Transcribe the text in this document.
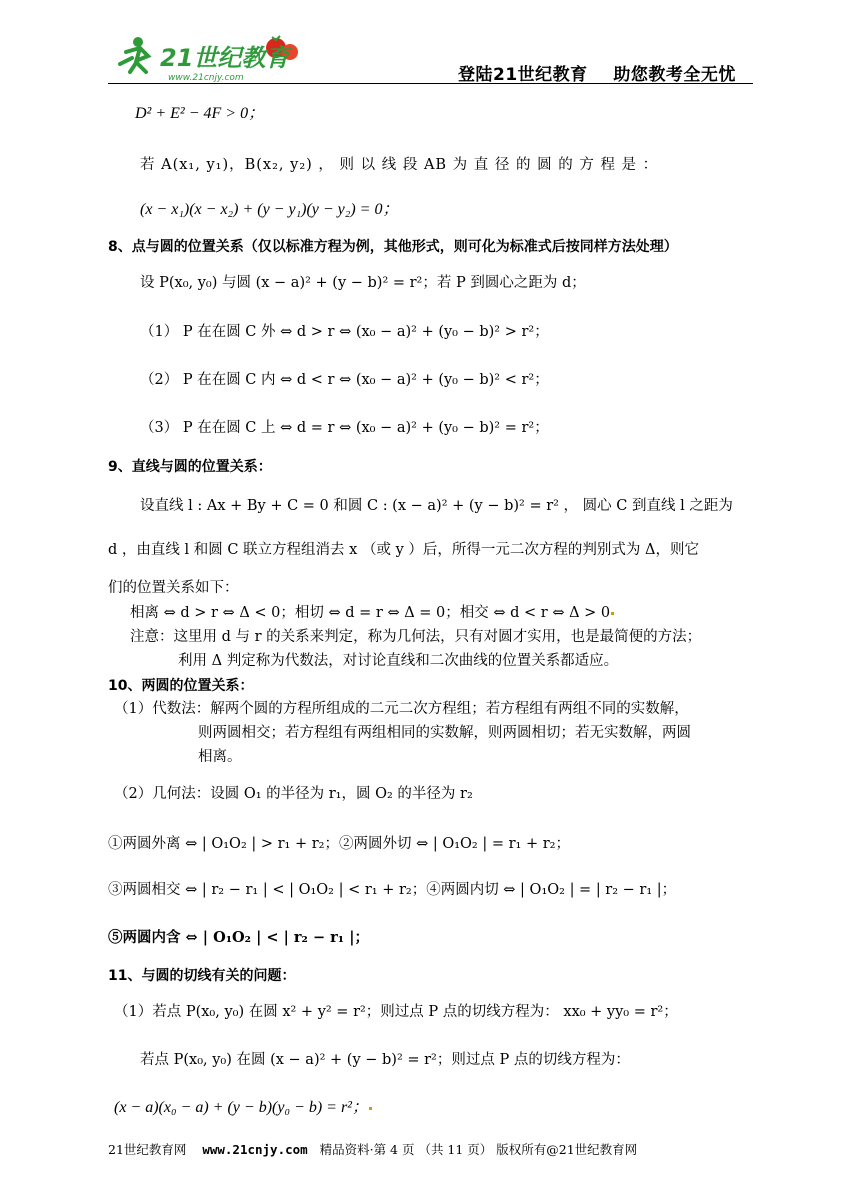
21世纪教育
www.21cnjy.com	登陆21世纪教育    助您教考全无忧
D² + E² − 4F > 0；
若 A(x₁, y₁)，B(x₂, y₂) ， 则 以 线 段 AB 为 直 径 的 圆 的 方 程 是 ：
(x − x₁)(x − x₂) + (y − y₁)(y − y₂) = 0；
8、点与圆的位置关系（仅以标准方程为例，其他形式，则可化为标准式后按同样方法处理）
设 P(x₀, y₀) 与圆 (x − a)² + (y − b)² = r²；若 P 到圆心之距为 d；
（1） P 在在圆 C 外 ⇔ d > r ⇔ (x₀ − a)² + (y₀ − b)² > r²；
（2） P 在在圆 C 内 ⇔ d < r ⇔ (x₀ − a)² + (y₀ − b)² < r²；
（3） P 在在圆 C 上 ⇔ d = r ⇔ (x₀ − a)² + (y₀ − b)² = r²；
9、直线与圆的位置关系：
设直线 l : Ax + By + C = 0 和圆 C : (x − a)² + (y − b)² = r² ， 圆心 C 到直线 l 之距为
d ，由直线 l 和圆 C 联立方程组消去 x （或 y ）后，所得一元二次方程的判别式为 Δ，则它
们的位置关系如下：
相离 ⇔ d > r ⇔ Δ < 0；相切 ⇔ d = r ⇔ Δ = 0；相交 ⇔ d < r ⇔ Δ > 0
注意：这里用 d 与 r 的关系来判定，称为几何法，只有对圆才实用，也是最简便的方法；
利用 Δ 判定称为代数法，对讨论直线和二次曲线的位置关系都适应。
10、两圆的位置关系：
（1）代数法：解两个圆的方程所组成的二元二次方程组；若方程组有两组不同的实数解，
则两圆相交；若方程组有两组相同的实数解，则两圆相切；若无实数解，两圆
相离。
（2）几何法：设圆 O₁ 的半径为 r₁，圆 O₂ 的半径为 r₂
①两圆外离 ⇔ | O₁O₂ | > r₁ + r₂；②两圆外切 ⇔ | O₁O₂ | = r₁ + r₂；
③两圆相交 ⇔ | r₂ − r₁ | < | O₁O₂ | < r₁ + r₂；④两圆内切 ⇔ | O₁O₂ | = | r₂ − r₁ |；
⑤两圆内含 ⇔ | O₁O₂ | < | r₂ − r₁ |；
11、与圆的切线有关的问题：
（1）若点 P(x₀, y₀) 在圆 x² + y² = r²；则过点 P 点的切线方程为： xx₀ + yy₀ = r²；
若点 P(x₀, y₀) 在圆 (x − a)² + (y − b)² = r²；则过点 P 点的切线方程为：
(x − a)(x₀ − a) + (y − b)(y₀ − b) = r²；
21世纪教育网 www.21cnjy.com 精品资料·第 4 页 （共 11 页） 版权所有@21世纪教育网
